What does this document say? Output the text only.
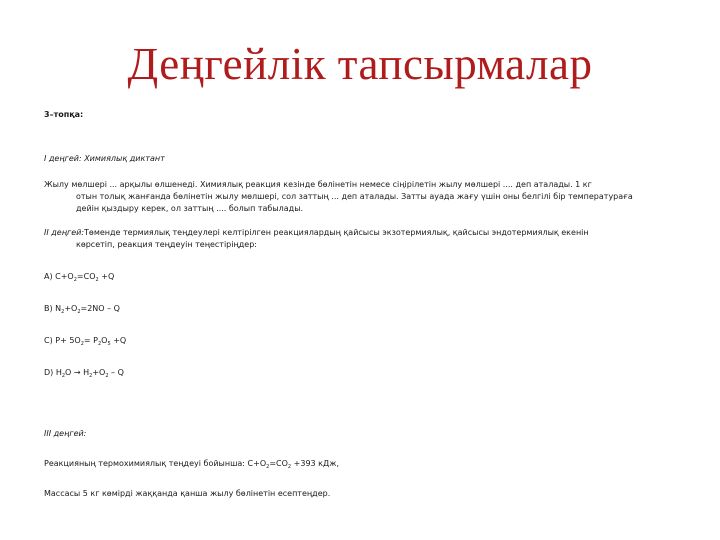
Деңгейлік тапсырмалар
3–топқа:
I деңгей: Химиялық диктант
Жылу мөлшері ... арқылы өлшенеді. Химиялық реакция кезінде бөлінетін немесе сіңірілетін жылу мөлшері .... деп аталады. 1 кг
отын толық жанғанда бөлінетін жылу мөлшері, сол заттың ... деп аталады. Затты ауада жағу үшін оны белгілі бір температураға
дейін қыздыру керек, ол заттың .... болып табылады.
II деңгей:Төменде термиялық теңдеулері келтірілген реакциялардың қайсысы экзотермиялық, қайсысы эндотермиялық екенін
көрсетіп, реакция теңдеуін теңестіріңдер:
A) $C+O_2=CO_2 +Q$
B) $N_2+O_2=2NO - Q$
C) $P+ 5O_2= P_2O_5 +Q$
D) $H_2O \to H_2+O_2 - Q$
III деңгей:
Реакцияның термохимиялық теңдеуі бойынша: $C+O_2=CO_2 +393$ кДж,
Массасы 5 кг көмірді жаққанда қанша жылу бөлінетін есептеңдер.
